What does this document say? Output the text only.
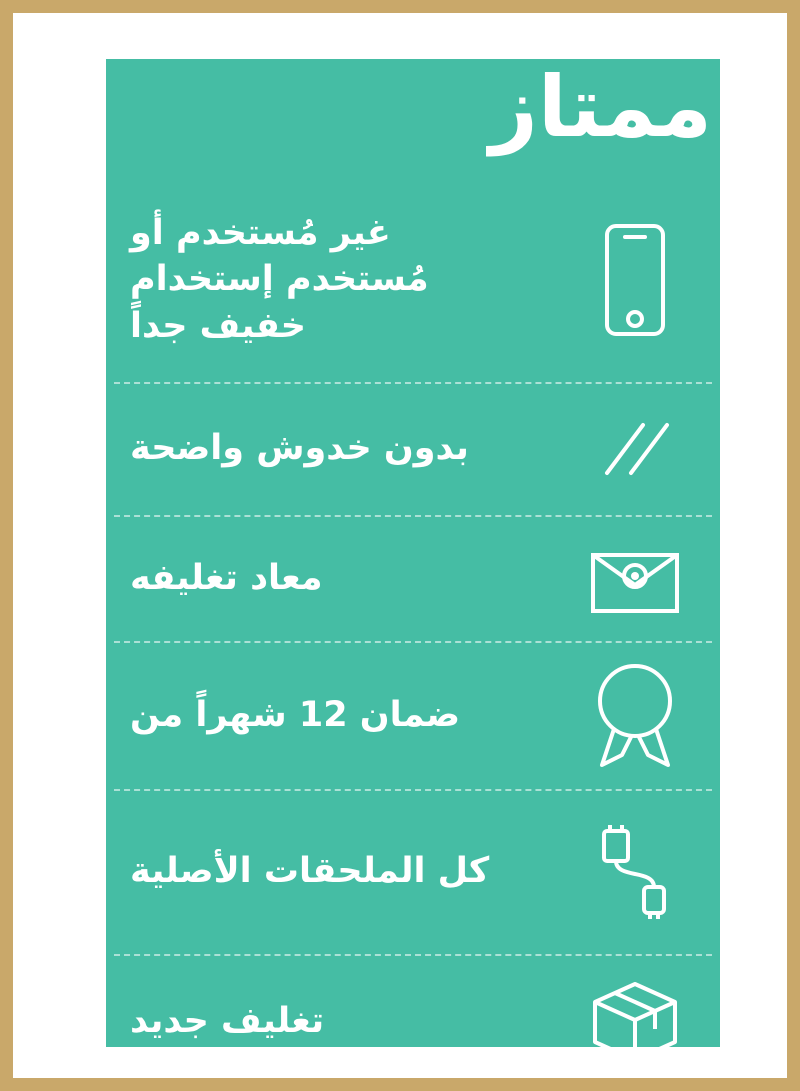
ممتاز
غير مُستخدم أو مُستخدم إستخدام خفيف جداً
بدون خدوش واضحة
معاد تغليفه
ضمان 12 شهراً من
كل الملحقات الأصلية
تغليف جديد
